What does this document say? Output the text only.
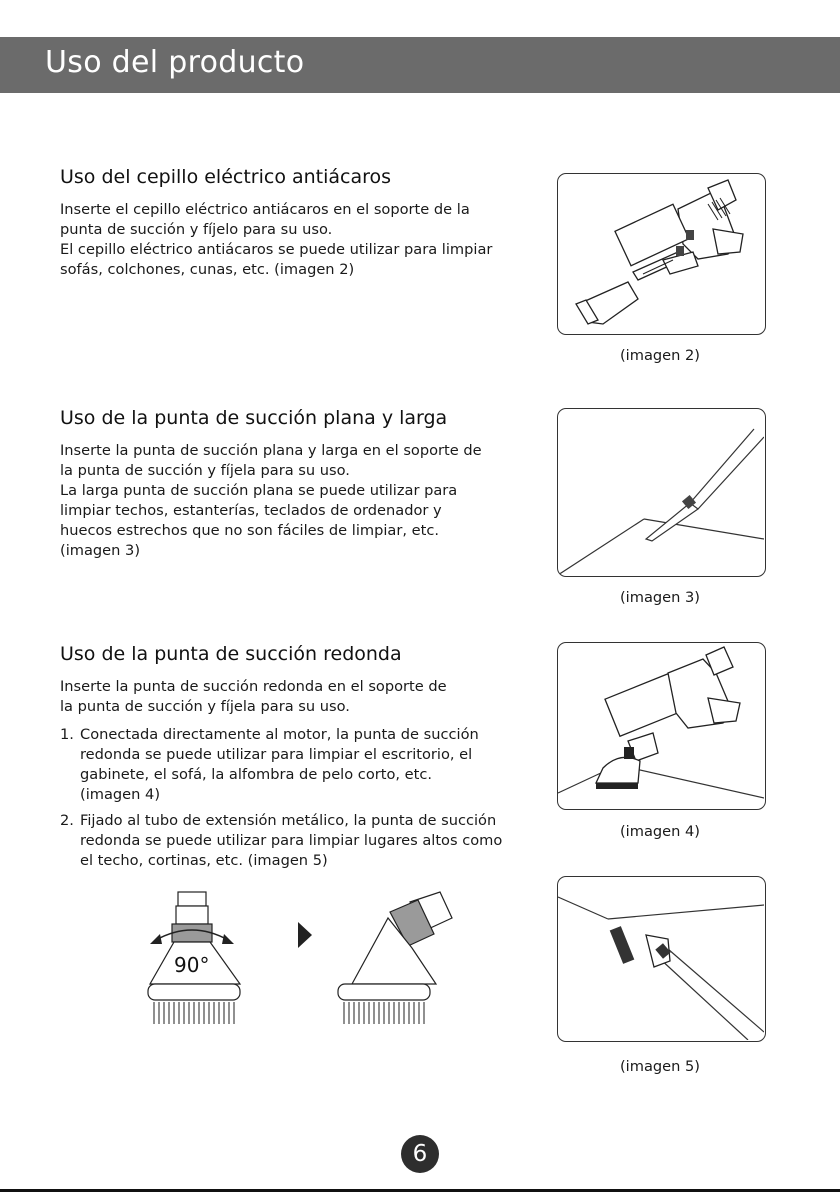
Uso del producto
Uso del cepillo eléctrico antiácaros

Inserte el cepillo eléctrico antiácaros en el soporte de la

punta de succión y fíjelo para su uso.

El cepillo eléctrico antiácaros se puede utilizar para limpiar

sofás, colchones, cunas, etc. (imagen 2)

Uso de la punta de succión plana y larga

Inserte la punta de succión plana y larga en el soporte de

la punta de succión y fíjela para su uso.

La larga punta de succión plana se puede utilizar para

limpiar techos, estanterías, teclados de ordenador y

huecos estrechos que no son fáciles de limpiar, etc.

(imagen 3)

Uso de la punta de succión redonda

Inserte la punta de succión redonda en el soporte de

la punta de succión y fíjela para su uso.

1. Conectada directamente al motor, la punta de succión
redonda se puede utilizar para limpiar el escritorio, el
gabinete, el sofá, la alfombra de pelo corto, etc.
(imagen 4)
2. Fijado al tubo de extensión metálico, la punta de succión
redonda se puede utilizar para limpiar lugares altos como
el techo, cortinas, etc. (imagen 5)
(imagen 2)
(imagen 3)
(imagen 4)
(imagen 5)
90°
6
